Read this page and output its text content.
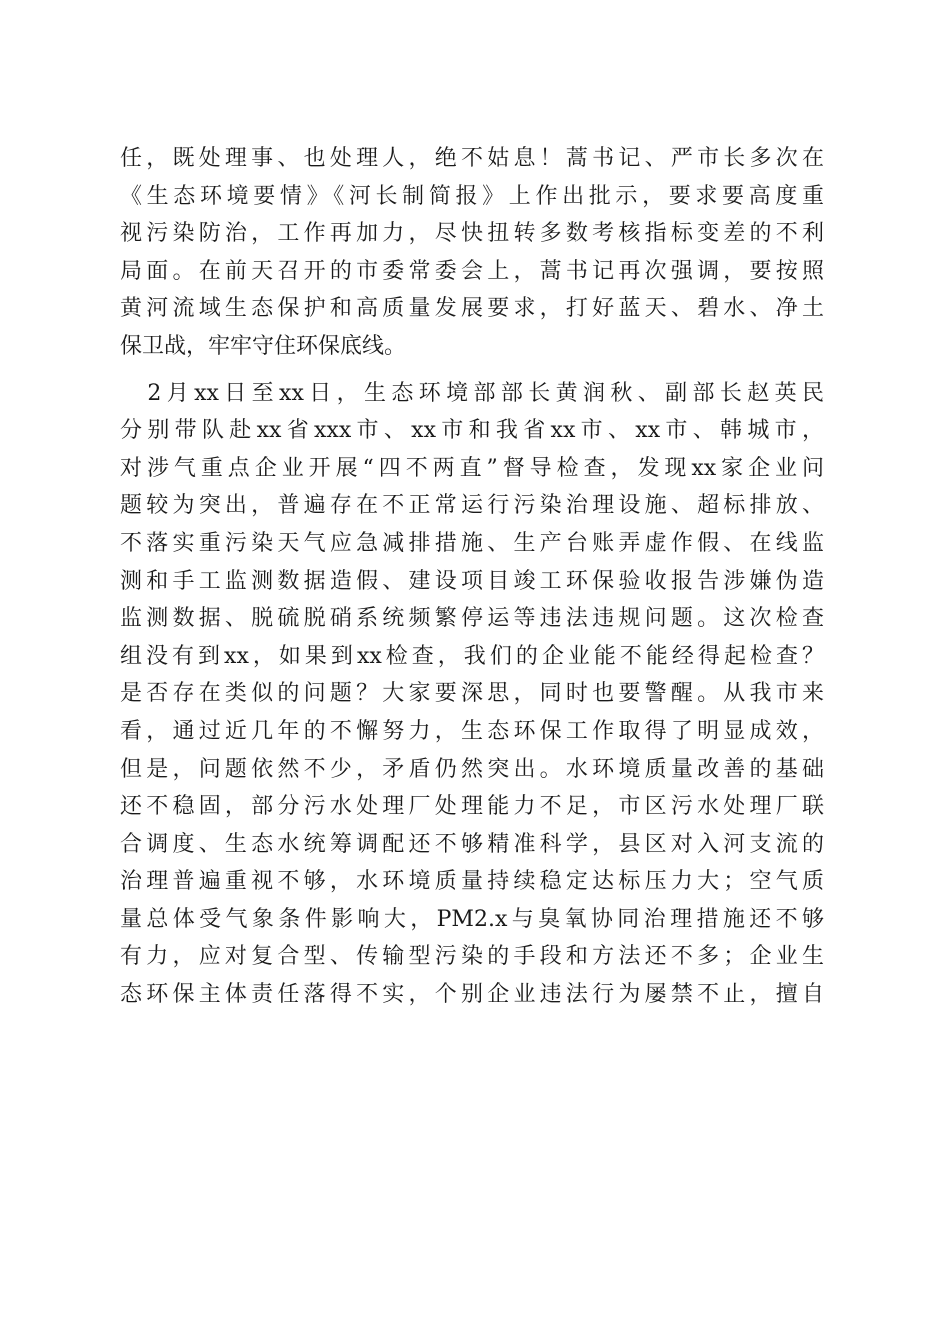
任，既处理事、也处理人，绝不姑息！蒿书记、严市长多次在
《生态环境要情》《河长制简报》上作出批示，要求要高度重
视污染防治，工作再加力，尽快扭转多数考核指标变差的不利
局面。在前天召开的市委常委会上，蒿书记再次强调，要按照
黄河流域生态保护和高质量发展要求，打好蓝天、碧水、净土
保卫战，牢牢守住环保底线。
　2月xx日至xx日，生态环境部部长黄润秋、副部长赵英民
分别带队赴xx省xxx市、xx市和我省xx市、xx市、韩城市，
对涉气重点企业开展“四不两直”督导检查，发现xx家企业问
题较为突出，普遍存在不正常运行污染治理设施、超标排放、
不落实重污染天气应急减排措施、生产台账弄虚作假、在线监
测和手工监测数据造假、建设项目竣工环保验收报告涉嫌伪造
监测数据、脱硫脱硝系统频繁停运等违法违规问题。这次检查
组没有到xx，如果到xx检查，我们的企业能不能经得起检查？
是否存在类似的问题？大家要深思，同时也要警醒。从我市来
看，通过近几年的不懈努力，生态环保工作取得了明显成效，
但是，问题依然不少，矛盾仍然突出。水环境质量改善的基础
还不稳固，部分污水处理厂处理能力不足，市区污水处理厂联
合调度、生态水统筹调配还不够精准科学，县区对入河支流的
治理普遍重视不够，水环境质量持续稳定达标压力大；空气质
量总体受气象条件影响大，PM2.x与臭氧协同治理措施还不够
有力，应对复合型、传输型污染的手段和方法还不多；企业生
态环保主体责任落得不实，个别企业违法行为屡禁不止，擅自
